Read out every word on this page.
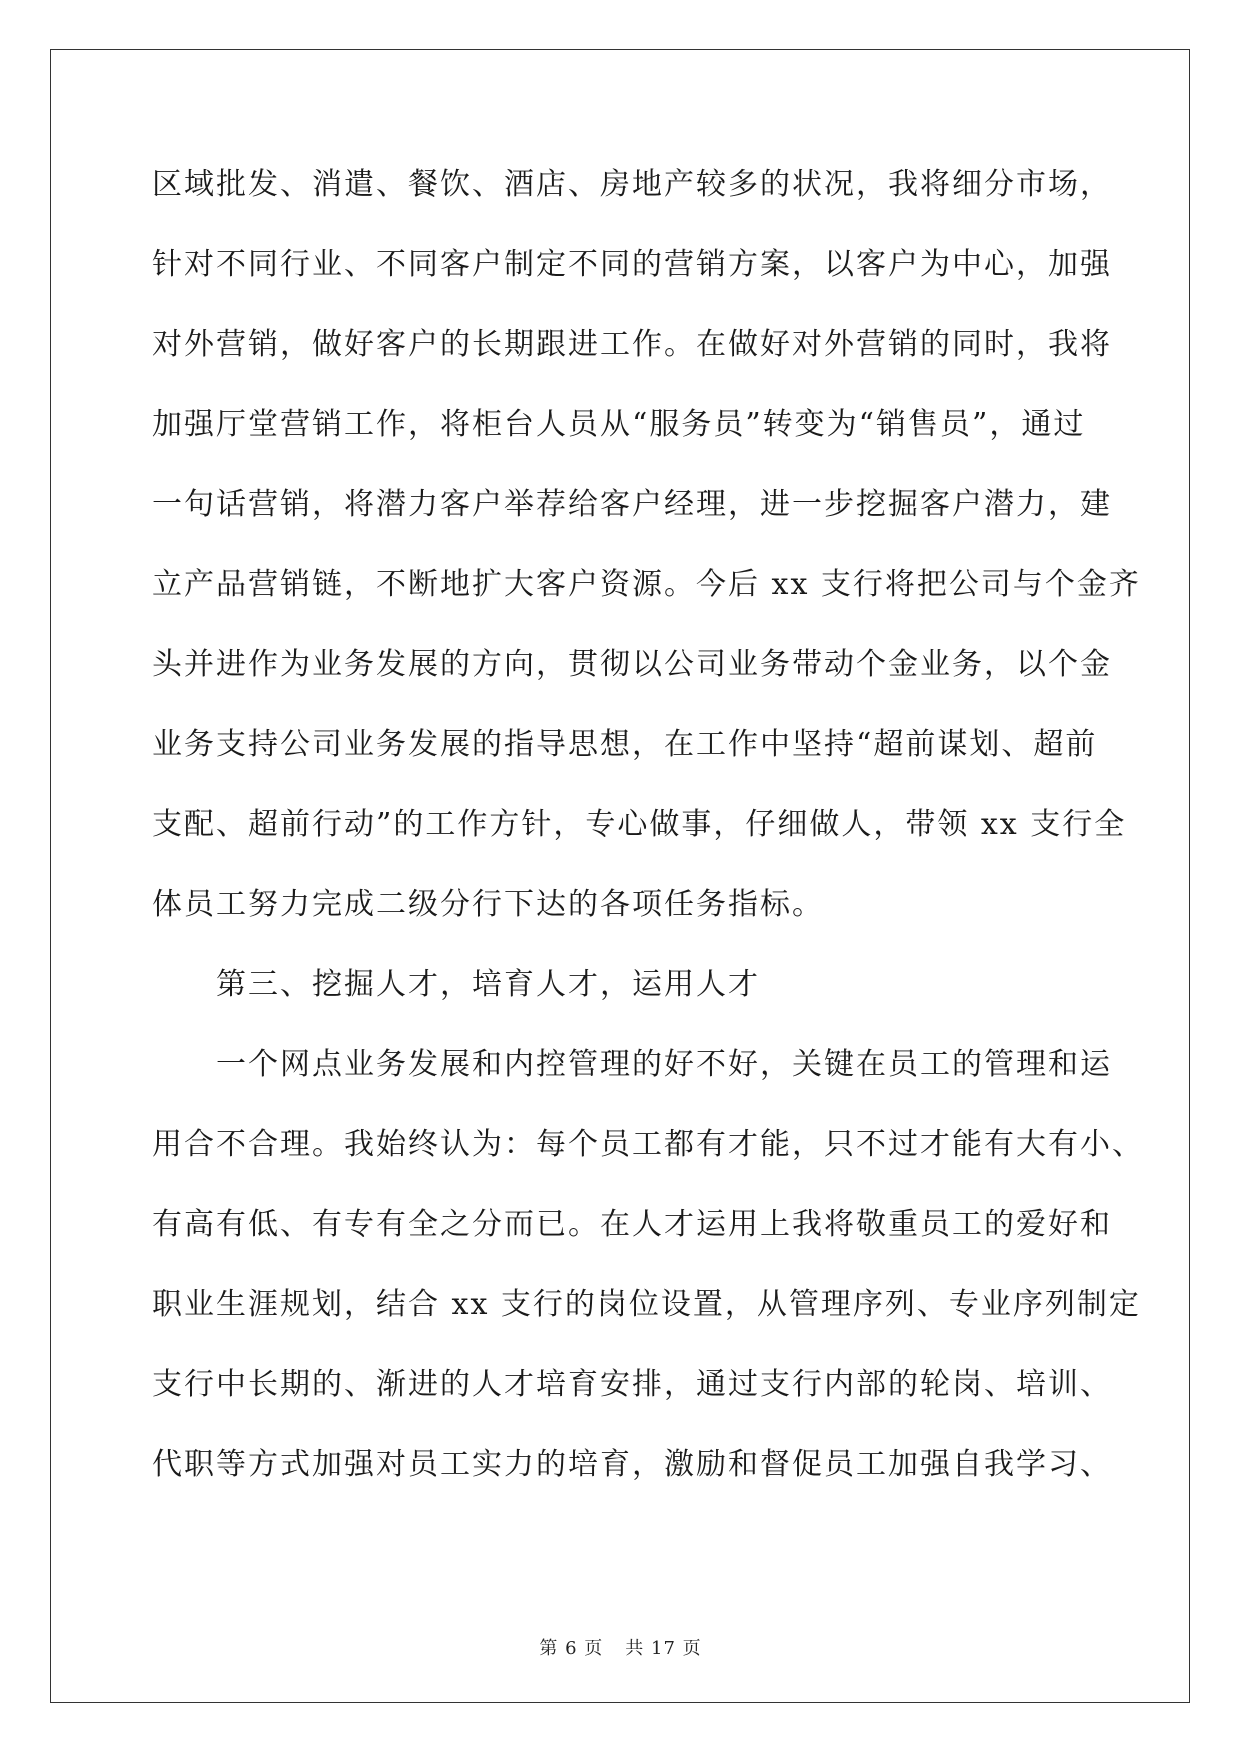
区域批发、消遣、餐饮、酒店、房地产较多的状况，我将细分市场，
针对不同行业、不同客户制定不同的营销方案，以客户为中心，加强
对外营销，做好客户的长期跟进工作。在做好对外营销的同时，我将
加强厅堂营销工作，将柜台人员从“服务员”转变为“销售员”，通过
一句话营销，将潜力客户举荐给客户经理，进一步挖掘客户潜力，建
立产品营销链，不断地扩大客户资源。今后 xx 支行将把公司与个金齐
头并进作为业务发展的方向，贯彻以公司业务带动个金业务，以个金
业务支持公司业务发展的指导思想，在工作中坚持“超前谋划、超前
支配、超前行动”的工作方针，专心做事，仔细做人，带领 xx 支行全
体员工努力完成二级分行下达的各项任务指标。
第三、挖掘人才，培育人才，运用人才
一个网点业务发展和内控管理的好不好，关键在员工的管理和运
用合不合理。我始终认为：每个员工都有才能，只不过才能有大有小、
有高有低、有专有全之分而已。在人才运用上我将敬重员工的爱好和
职业生涯规划，结合 xx 支行的岗位设置，从管理序列、专业序列制定
支行中长期的、渐进的人才培育安排，通过支行内部的轮岗、培训、
代职等方式加强对员工实力的培育，激励和督促员工加强自我学习、
第 6 页 共 17 页
